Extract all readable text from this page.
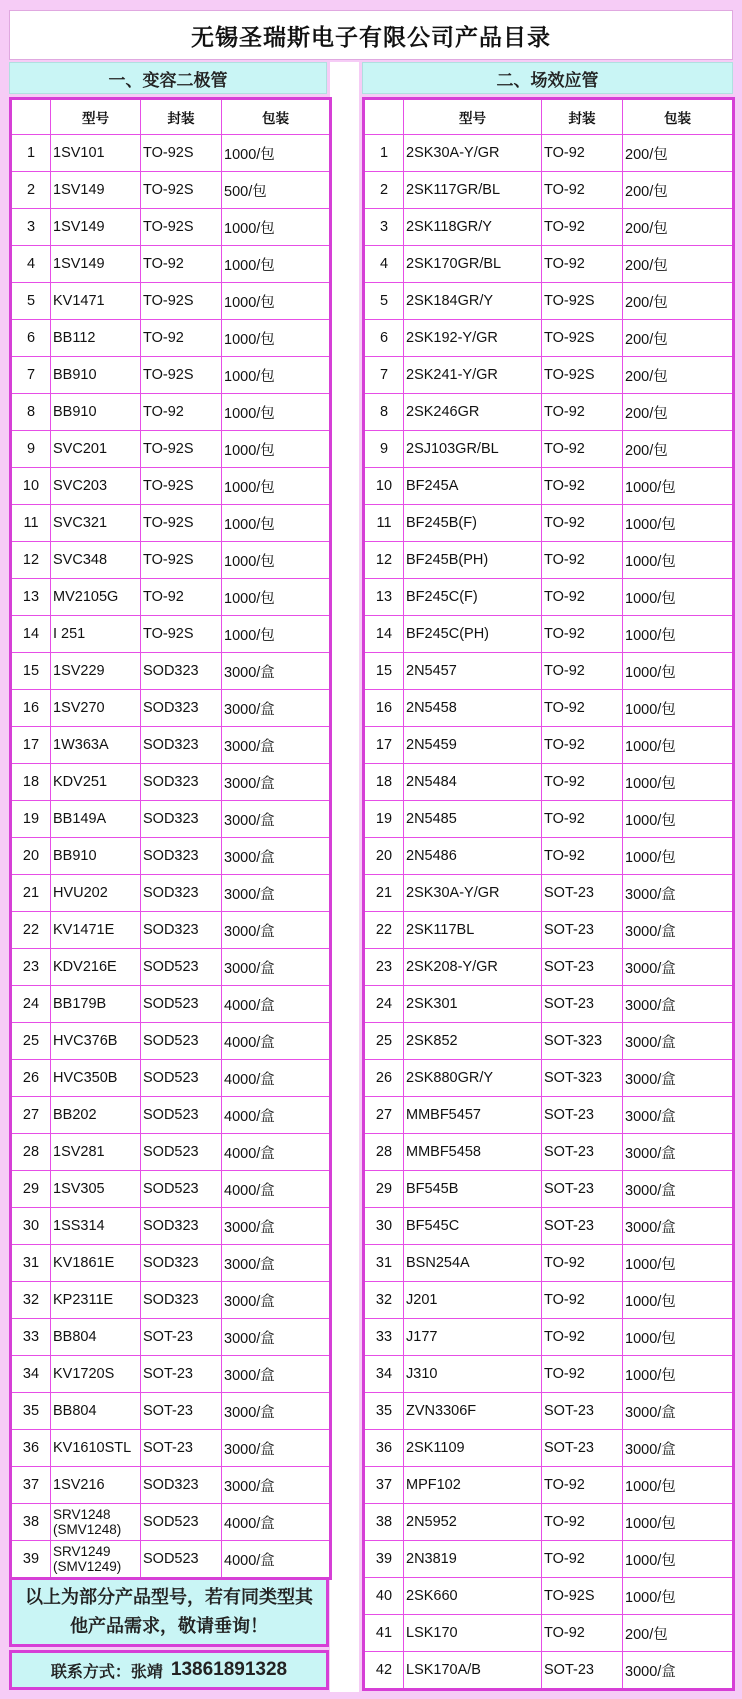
无锡圣瑞斯电子有限公司产品目录
一、变容二极管	二、场效应管
	型号	封装	包装
1	1SV101	TO-92S	1000/包
2	1SV149	TO-92S	500/包
3	1SV149	TO-92S	1000/包
4	1SV149	TO-92	1000/包
5	KV1471	TO-92S	1000/包
6	BB112	TO-92	1000/包
7	BB910	TO-92S	1000/包
8	BB910	TO-92	1000/包
9	SVC201	TO-92S	1000/包
10	SVC203	TO-92S	1000/包
11	SVC321	TO-92S	1000/包
12	SVC348	TO-92S	1000/包
13	MV2105G	TO-92	1000/包
14	I 251	TO-92S	1000/包
15	1SV229	SOD323	3000/盒
16	1SV270	SOD323	3000/盒
17	1W363A	SOD323	3000/盒
18	KDV251	SOD323	3000/盒
19	BB149A	SOD323	3000/盒
20	BB910	SOD323	3000/盒
21	HVU202	SOD323	3000/盒
22	KV1471E	SOD323	3000/盒
23	KDV216E	SOD523	3000/盒
24	BB179B	SOD523	4000/盒
25	HVC376B	SOD523	4000/盒
26	HVC350B	SOD523	4000/盒
27	BB202	SOD523	4000/盒
28	1SV281	SOD523	4000/盒
29	1SV305	SOD523	4000/盒
30	1SS314	SOD323	3000/盒
31	KV1861E	SOD323	3000/盒
32	KP2311E	SOD323	3000/盒
33	BB804	SOT-23	3000/盒
34	KV1720S	SOT-23	3000/盒
35	BB804	SOT-23	3000/盒
36	KV1610STL	SOT-23	3000/盒
37	1SV216	SOD323	3000/盒
38	SRV1248 (SMV1248)	SOD523	4000/盒
39	SRV1249 (SMV1249)	SOD523	4000/盒
	型号	封装	包装
1	2SK30A-Y/GR	TO-92	200/包
2	2SK117GR/BL	TO-92	200/包
3	2SK118GR/Y	TO-92	200/包
4	2SK170GR/BL	TO-92	200/包
5	2SK184GR/Y	TO-92S	200/包
6	2SK192-Y/GR	TO-92S	200/包
7	2SK241-Y/GR	TO-92S	200/包
8	2SK246GR	TO-92	200/包
9	2SJ103GR/BL	TO-92	200/包
10	BF245A	TO-92	1000/包
11	BF245B(F)	TO-92	1000/包
12	BF245B(PH)	TO-92	1000/包
13	BF245C(F)	TO-92	1000/包
14	BF245C(PH)	TO-92	1000/包
15	2N5457	TO-92	1000/包
16	2N5458	TO-92	1000/包
17	2N5459	TO-92	1000/包
18	2N5484	TO-92	1000/包
19	2N5485	TO-92	1000/包
20	2N5486	TO-92	1000/包
21	2SK30A-Y/GR	SOT-23	3000/盒
22	2SK117BL	SOT-23	3000/盒
23	2SK208-Y/GR	SOT-23	3000/盒
24	2SK301	SOT-23	3000/盒
25	2SK852	SOT-323	3000/盒
26	2SK880GR/Y	SOT-323	3000/盒
27	MMBF5457	SOT-23	3000/盒
28	MMBF5458	SOT-23	3000/盒
29	BF545B	SOT-23	3000/盒
30	BF545C	SOT-23	3000/盒
31	BSN254A	TO-92	1000/包
32	J201	TO-92	1000/包
33	J177	TO-92	1000/包
34	J310	TO-92	1000/包
35	ZVN3306F	SOT-23	3000/盒
36	2SK1109	SOT-23	3000/盒
37	MPF102	TO-92	1000/包
38	2N5952	TO-92	1000/包
39	2N3819	TO-92	1000/包
40	2SK660	TO-92S	1000/包
41	LSK170	TO-92	200/包
42	LSK170A/B	SOT-23	3000/盒
以上为部分产品型号，若有同类型其他产品需求，敬请垂询！
联系方式：张靖 13861891328
